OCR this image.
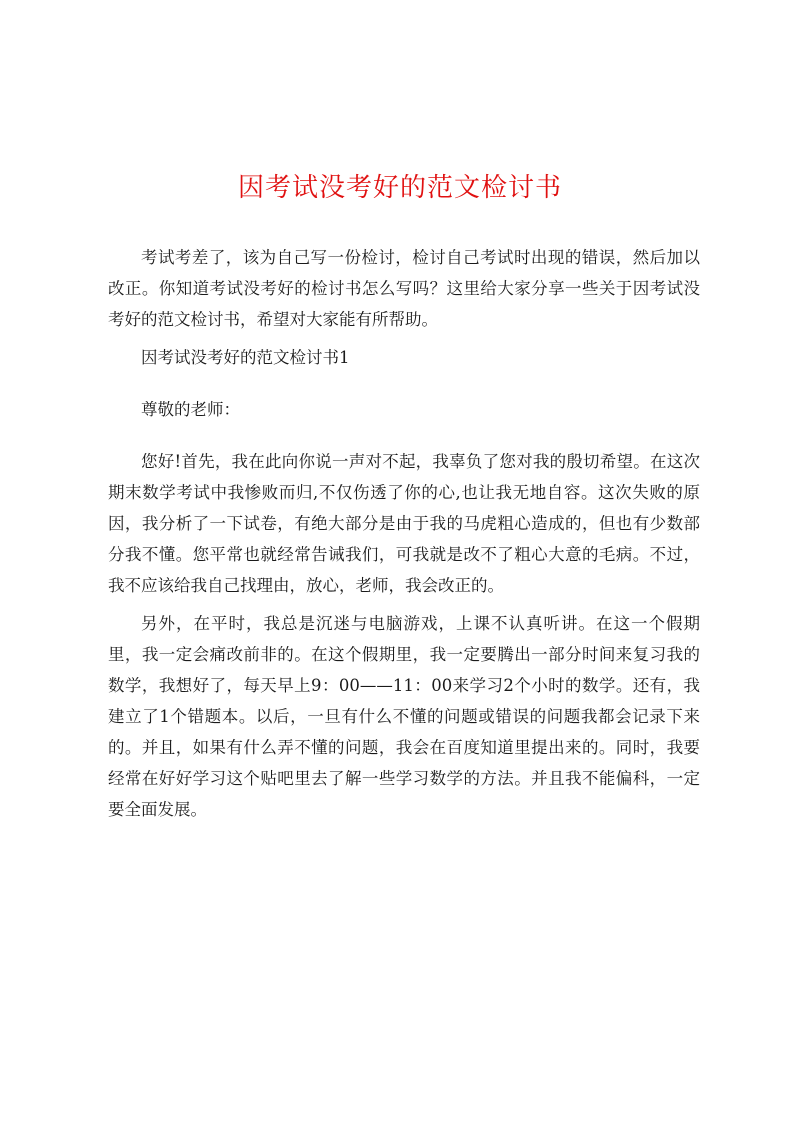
因考试没考好的范文检讨书

考试考差了，该为自己写一份检讨，检讨自己考试时出现的错误，然后加以改正。你知道考试没考好的检讨书怎么写吗？这里给大家分享一些关于因考试没考好的范文检讨书，希望对大家能有所帮助。

因考试没考好的范文检讨书1

尊敬的老师：

您好!首先，我在此向你说一声对不起，我辜负了您对我的殷切希望。在这次期末数学考试中我惨败而归,不仅伤透了你的心,也让我无地自容。这次失败的原因，我分析了一下试卷，有绝大部分是由于我的马虎粗心造成的，但也有少数部分我不懂。您平常也就经常告诫我们，可我就是改不了粗心大意的毛病。不过，我不应该给我自己找理由，放心，老师，我会改正的。

另外，在平时，我总是沉迷与电脑游戏，上课不认真听讲。在这一个假期里，我一定会痛改前非的。在这个假期里，我一定要腾出一部分时间来复习我的数学，我想好了，每天早上9：00——11：00来学习2个小时的数学。还有，我建立了1个错题本。以后，一旦有什么不懂的问题或错误的问题我都会记录下来的。并且，如果有什么弄不懂的问题，我会在百度知道里提出来的。同时，我要经常在好好学习这个贴吧里去了解一些学习数学的方法。并且我不能偏科，一定要全面发展。
